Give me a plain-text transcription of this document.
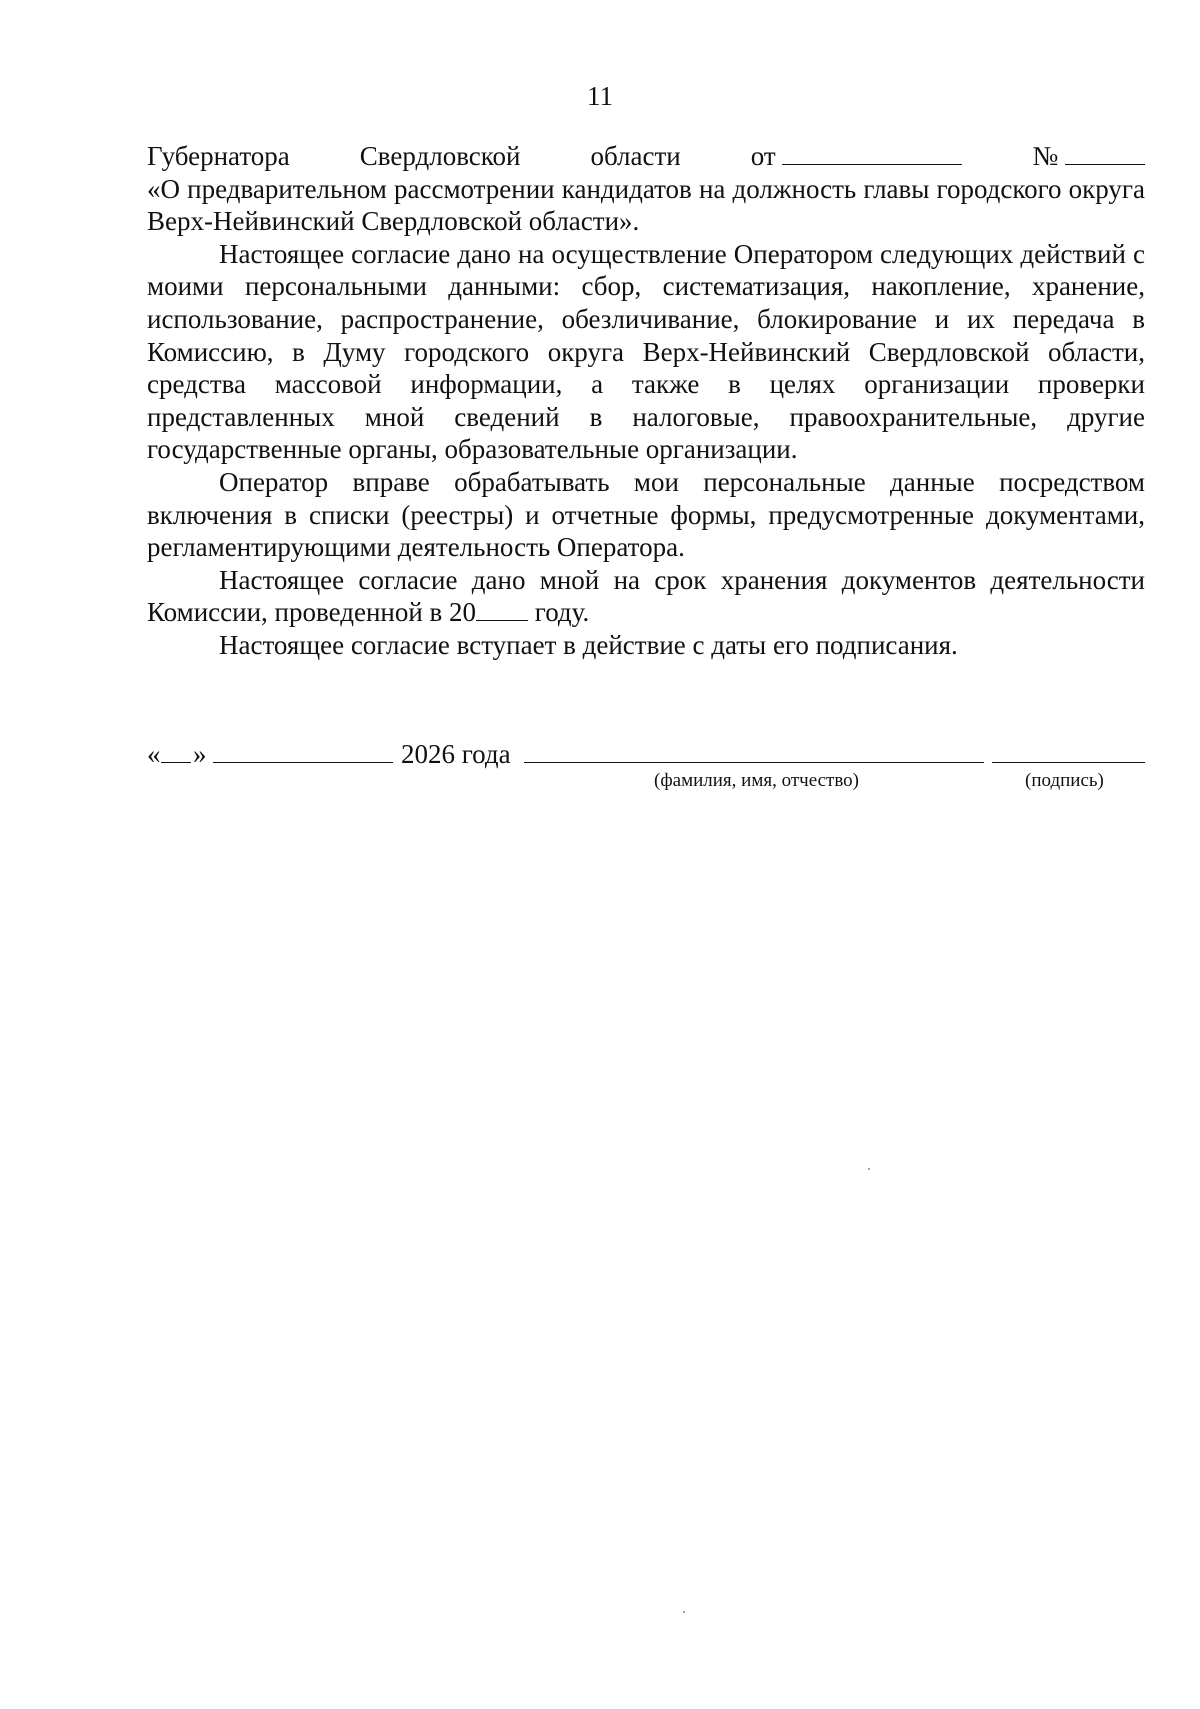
11
Губернатора	Свердловской	области	от	№

«О предварительном рассмотрении кандидатов на должность главы городского округа Верх-Нейвинский Свердловской области».

Настоящее согласие дано на осуществление Оператором следующих действий с моими персональными данными: сбор, систематизация, накопление, хранение, использование, распространение, обезличивание, блокирование и их передача в Комиссию, в Думу городского округа Верх-Нейвинский Свердловской области, средства массовой информации, а также в целях организации проверки представленных мной сведений в налоговые, правоохранительные, другие государственные органы, образовательные организации.

Оператор вправе обрабатывать мои персональные данные посредством включения в списки (реестры) и отчетные формы, предусмотренные документами, регламентирующими деятельность Оператора.

Настоящее согласие дано мной на срок хранения документов деятельности Комиссии, проведенной в 20 году.

Настоящее согласие вступает в действие с даты его подписания.

« »	2026 года
(фамилия, имя, отчество)	(подпись)
